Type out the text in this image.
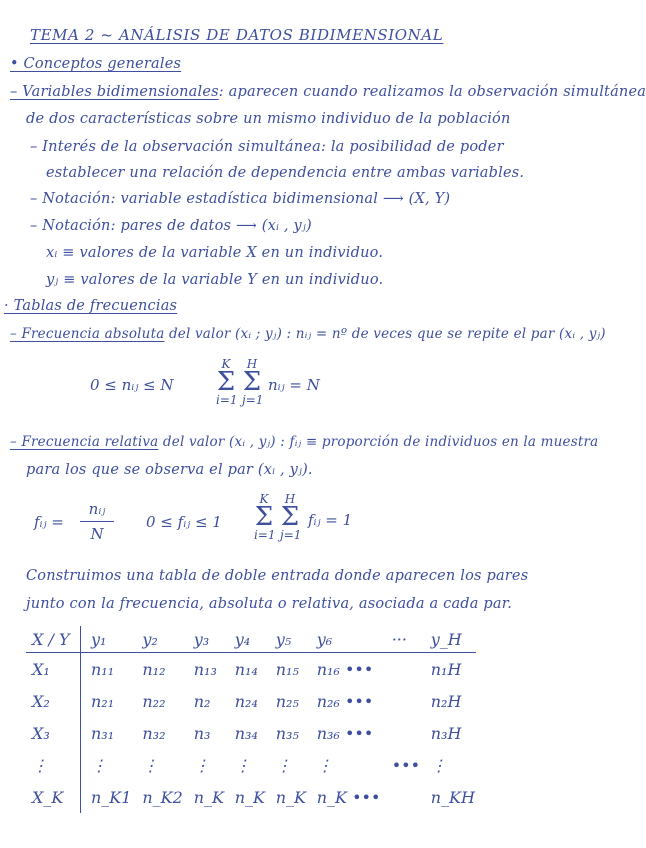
TEMA 2 ~ ANÁLISIS DE DATOS BIDIMENSIONAL
• Conceptos generales
– Variables bidimensionales: aparecen cuando realizamos la observación simultánea
de dos características sobre un mismo individuo de la población
– Interés de la observación simultánea: la posibilidad de poder
establecer una relación de dependencia entre ambas variables.
– Notación: variable estadística bidimensional ⟶ (X, Y)
– Notación: pares de datos ⟶ (xᵢ , yⱼ)
xᵢ ≡ valores de la variable X en un individuo.
yⱼ ≡ valores de la variable Y en un individuo.
· Tablas de frecuencias
– Frecuencia absoluta del valor (xᵢ ; yⱼ) : nᵢⱼ = nº de veces que se repite el par (xᵢ , yⱼ)
0 ≤ nᵢⱼ ≤ N
K
Σ
i=1
H
Σ
j=1
nᵢⱼ = N
– Frecuencia relativa del valor (xᵢ , yⱼ) : fᵢⱼ ≡ proporción de individuos en la muestra
para los que se observa el par (xᵢ , yⱼ).
fᵢⱼ =
nᵢⱼ
N
0 ≤ fᵢⱼ ≤ 1
K
Σ
i=1
H
Σ
j=1
fᵢⱼ = 1
Construimos una tabla de doble entrada donde aparecen los pares
junto con la frecuencia, absoluta o relativa, asociada a cada par.
X / Y	y₁	y₂	y₃	y₄	y₅	y₆	···	y_H
X₁	n₁₁	n₁₂	n₁₃	n₁₄	n₁₅	n₁₆ •••		n₁H
X₂	n₂₁	n₂₂	n₂	n₂₄	n₂₅	n₂₆ •••		n₂H
X₃	n₃₁	n₃₂	n₃	n₃₄	n₃₅	n₃₆ •••		n₃H
⋮	⋮	⋮	⋮	⋮	⋮	⋮	•••	⋮
X_K	n_K1	n_K2	n_K	n_K	n_K	n_K •••		n_KH
